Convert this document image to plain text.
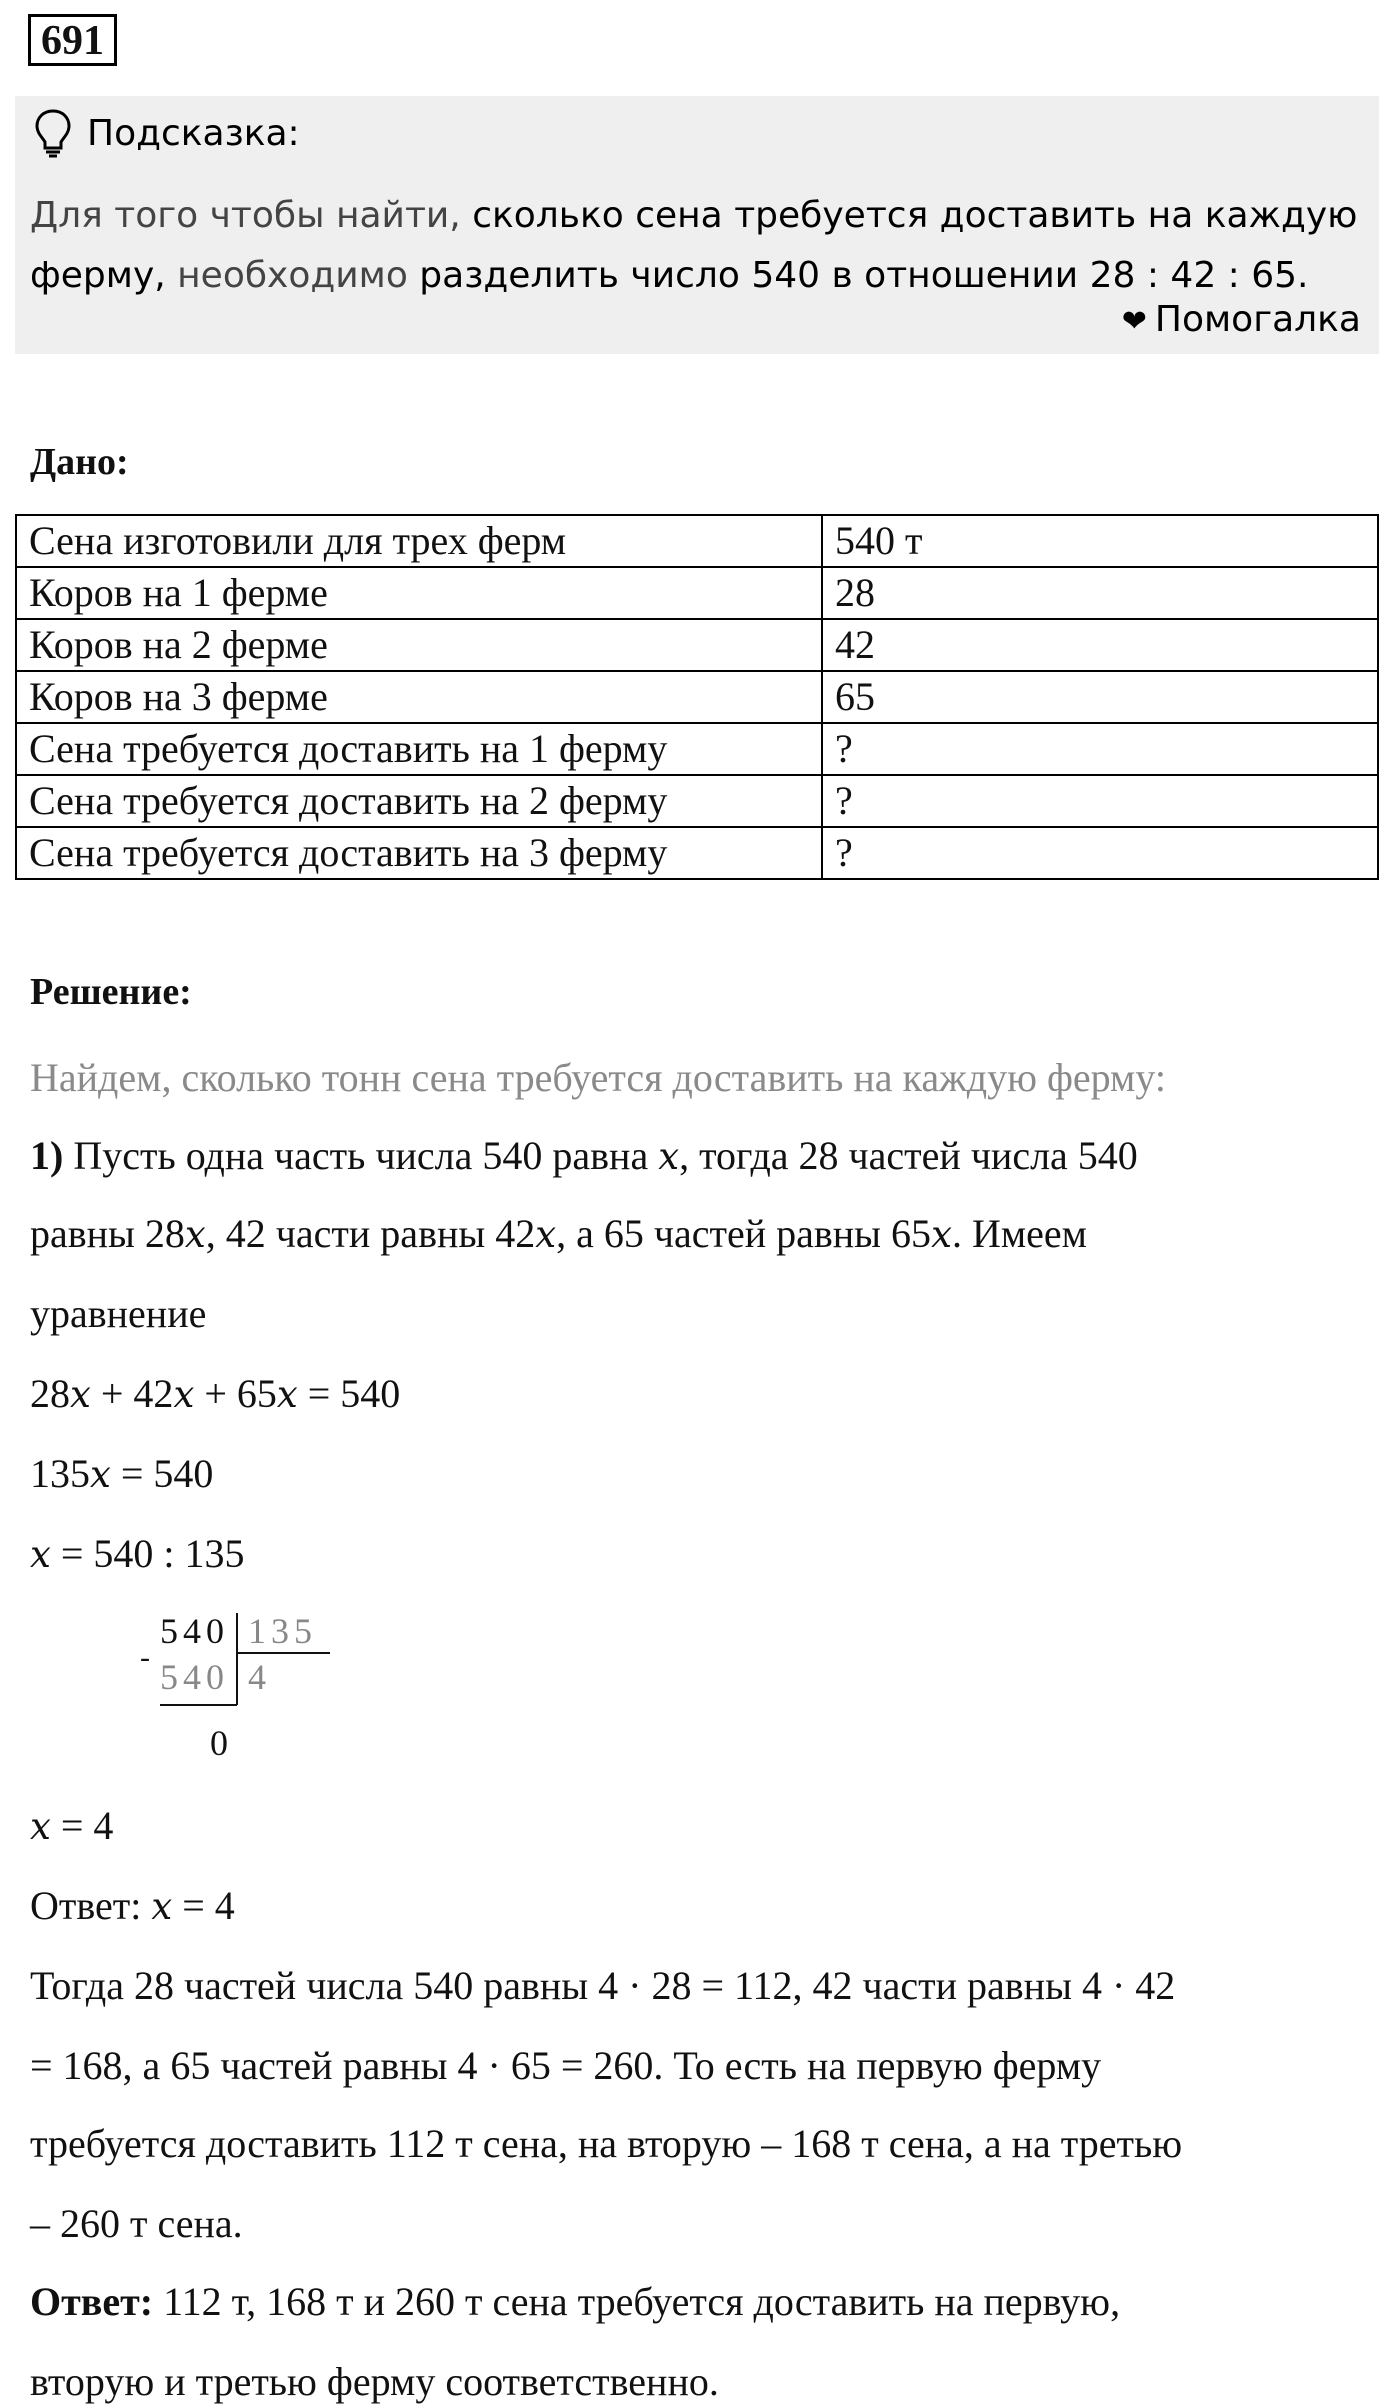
691
Подсказка:
Для того чтобы найти, сколько сена требуется доставить на каждую ферму, необходимо разделить число 540 в отношении 28 : 42 : 65.
❤ Помогалка
Дано:
Сена изготовили для трех ферм	540 т
Коров на 1 ферме	28
Коров на 2 ферме	42
Коров на 3 ферме	65
Сена требуется доставить на 1 ферму	?
Сена требуется доставить на 2 ферму	?
Сена требуется доставить на 3 ферму	?
Решение:
Найдем, сколько тонн сена требуется доставить на каждую ферму:
1) Пусть одна часть числа 540 равна x, тогда 28 частей числа 540
равны 28x, 42 части равны 42x, а 65 частей равны 65x. Имеем
уравнение
28x + 42x + 65x = 540
135x = 540
x = 540 : 135
540 135
- 540 4
0
x = 4
Ответ: x = 4
Тогда 28 частей числа 540 равны 4 · 28 = 112, 42 части равны 4 · 42
= 168, а 65 частей равны 4 · 65 = 260. То есть на первую ферму
требуется доставить 112 т сена, на вторую – 168 т сена, а на третью
– 260 т сена.
Ответ: 112 т, 168 т и 260 т сена требуется доставить на первую,
вторую и третью ферму соответственно.
